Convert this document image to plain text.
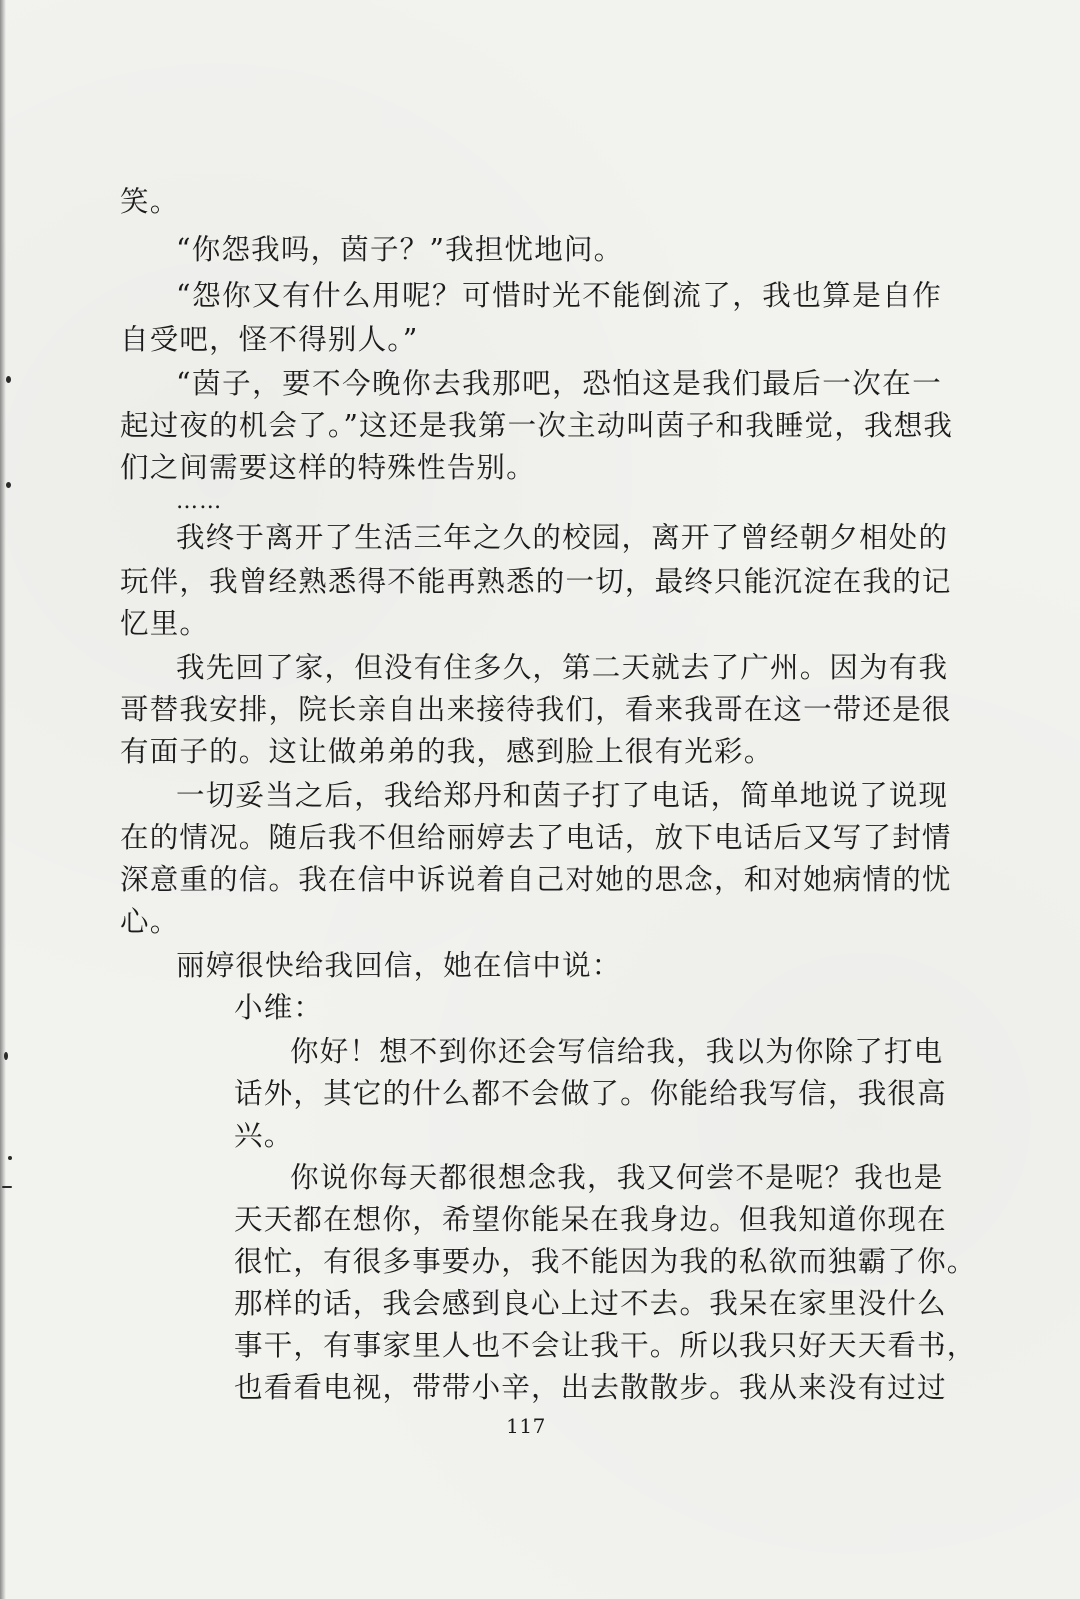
笑。
“你怨我吗，茵子？”我担忧地问。
“怨你又有什么用呢？可惜时光不能倒流了，我也算是自作
自受吧，怪不得别人。”
“茵子，要不今晚你去我那吧，恐怕这是我们最后一次在一
起过夜的机会了。”这还是我第一次主动叫茵子和我睡觉，我想我
们之间需要这样的特殊性告别。
……
我终于离开了生活三年之久的校园，离开了曾经朝夕相处的
玩伴，我曾经熟悉得不能再熟悉的一切，最终只能沉淀在我的记
忆里。
我先回了家，但没有住多久，第二天就去了广州。因为有我
哥替我安排，院长亲自出来接待我们，看来我哥在这一带还是很
有面子的。这让做弟弟的我，感到脸上很有光彩。
一切妥当之后，我给郑丹和茵子打了电话，简单地说了说现
在的情况。随后我不但给丽婷去了电话，放下电话后又写了封情
深意重的信。我在信中诉说着自己对她的思念，和对她病情的忧
心。
丽婷很快给我回信，她在信中说：
小维：
你好！想不到你还会写信给我，我以为你除了打电
话外，其它的什么都不会做了。你能给我写信，我很高
兴。
你说你每天都很想念我，我又何尝不是呢？我也是
天天都在想你，希望你能呆在我身边。但我知道你现在
很忙，有很多事要办，我不能因为我的私欲而独霸了你。
那样的话，我会感到良心上过不去。我呆在家里没什么
事干，有事家里人也不会让我干。所以我只好天天看书，
也看看电视，带带小辛，出去散散步。我从来没有过过
117
